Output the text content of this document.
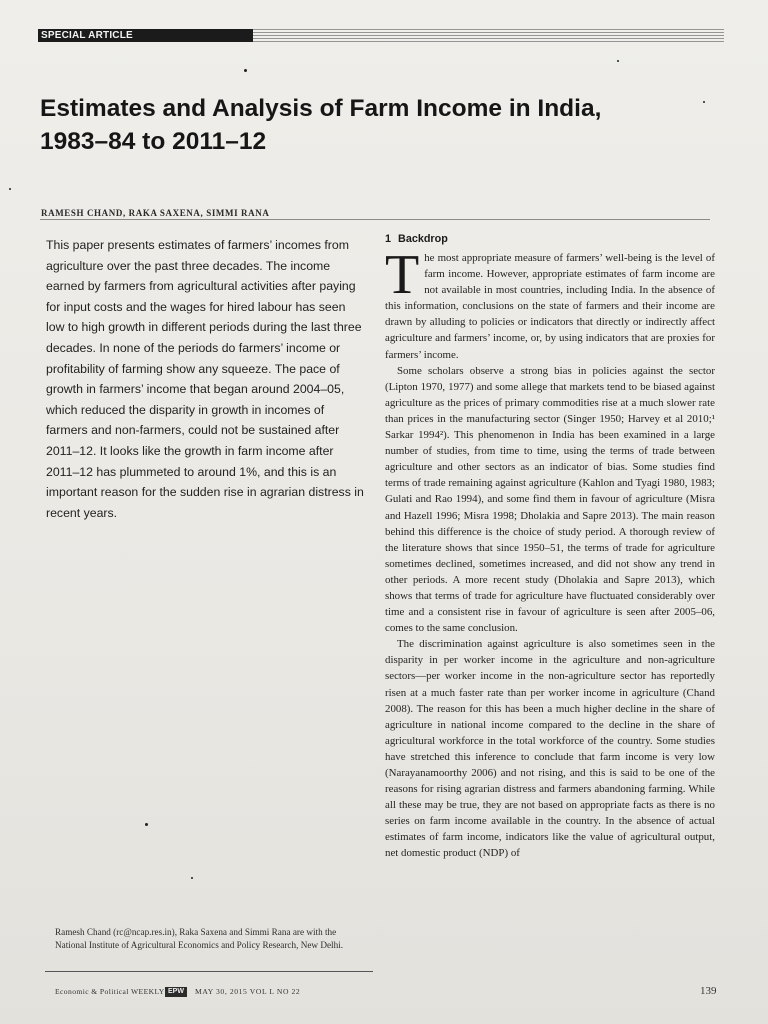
SPECIAL ARTICLE
Estimates and Analysis of Farm Income in India,
1983–84 to 2011–12
RAMESH CHAND, RAKA SAXENA, SIMMI RANA

This paper presents estimates of farmers’ incomes from agriculture over the past three decades. The income earned by farmers from agricultural activities after paying for input costs and the wages for hired labour has seen low to high growth in different periods during the last three decades. In none of the periods do farmers’ income or profitability of farming show any squeeze. The pace of growth in farmers’ income that began around 2004–05, which reduced the disparity in growth in incomes of farmers and non-farmers, could not be sustained after 2011–12. It looks like the growth in farm income after 2011–12 has plummeted to around 1%, and this is an important reason for the sudden rise in agrarian distress in recent years.

Ramesh Chand (rc@ncap.res.in), Raka Saxena and Simmi Rana are with the National Institute of Agricultural Economics and Policy Research, New Delhi.

1 Backdrop

The most appropriate measure of farmers’ well-being is the level of farm income. However, appropriate estimates of farm income are not available in most countries, including India. In the absence of this information, conclusions on the state of farmers and their income are drawn by alluding to policies or indicators that directly or indirectly affect agriculture and farmers’ income, or, by using indicators that are proxies for farmers’ income.

Some scholars observe a strong bias in policies against the sector (Lipton 1970, 1977) and some allege that markets tend to be biased against agriculture as the prices of primary commodities rise at a much slower rate than prices in the manufacturing sector (Singer 1950; Harvey et al 2010;¹ Sarkar 1994²). This phenomenon in India has been examined in a large number of studies, from time to time, using the terms of trade between agriculture and other sectors as an indicator of bias. Some studies find terms of trade remaining against agriculture (Kahlon and Tyagi 1980, 1983; Gulati and Rao 1994), and some find them in favour of agriculture (Misra and Hazell 1996; Misra 1998; Dholakia and Sapre 2013). The main reason behind this difference is the choice of study period. A thorough review of the literature shows that since 1950–51, the terms of trade for agriculture sometimes declined, sometimes increased, and did not show any trend in other periods. A more recent study (Dholakia and Sapre 2013), which shows that terms of trade for agriculture have fluctuated considerably over time and a consistent rise in favour of agriculture is seen after 2005–06, comes to the same conclusion.

The discrimination against agriculture is also sometimes seen in the disparity in per worker income in the agriculture and non-agriculture sectors—per worker income in the non-agriculture sector has reportedly risen at a much faster rate than per worker income in agriculture (Chand 2008). The reason for this has been a much higher decline in the share of agriculture in national income compared to the decline in the share of agricultural workforce in the total workforce of the country. Some studies have stretched this inference to conclude that farm income is very low (Narayanamoorthy 2006) and not rising, and this is said to be one of the reasons for rising agrarian distress and farmers abandoning farming. While all these may be true, they are not based on appropriate facts as there is no series on farm income available in the country. In the absence of actual estimates of farm income, indicators like the value of agricultural output, net domestic product (NDP) of

Economic & Political WEEKLY EPW	MAY 30, 2015 VOL L NO 22	139
